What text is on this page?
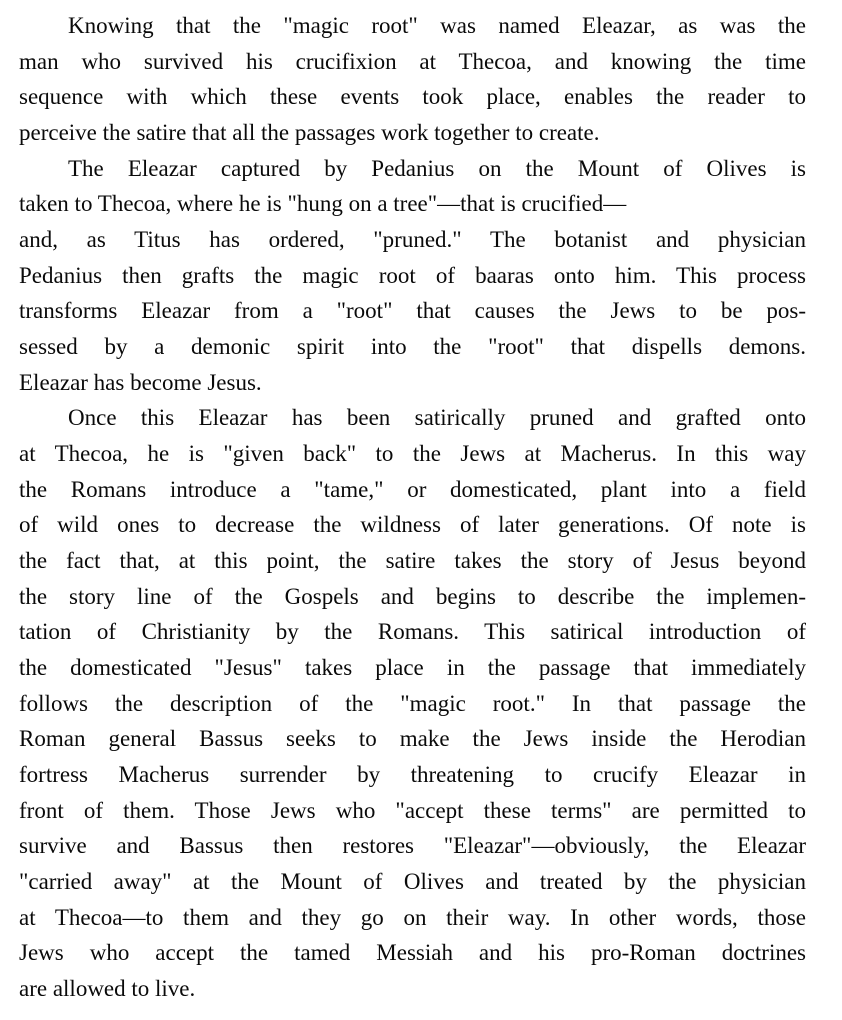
Knowing that the "magic root" was named Eleazar, as was the
man who survived his crucifixion at Thecoa, and knowing the time
sequence with which these events took place, enables the reader to
perceive the satire that all the passages work together to create.
The Eleazar captured by Pedanius on the Mount of Olives is
taken to Thecoa, where he is "hung on a tree"—that is crucified—
and, as Titus has ordered, "pruned." The botanist and physician
Pedanius then grafts the magic root of baaras onto him. This process
transforms Eleazar from a "root" that causes the Jews to be pos-
sessed by a demonic spirit into the "root" that dispells demons.
Eleazar has become Jesus.
Once this Eleazar has been satirically pruned and grafted onto
at Thecoa, he is "given back" to the Jews at Macherus. In this way
the Romans introduce a "tame," or domesticated, plant into a field
of wild ones to decrease the wildness of later generations. Of note is
the fact that, at this point, the satire takes the story of Jesus beyond
the story line of the Gospels and begins to describe the implemen-
tation of Christianity by the Romans. This satirical introduction of
the domesticated "Jesus" takes place in the passage that immediately
follows the description of the "magic root." In that passage the
Roman general Bassus seeks to make the Jews inside the Herodian
fortress Macherus surrender by threatening to crucify Eleazar in
front of them. Those Jews who "accept these terms" are permitted to
survive and Bassus then restores "Eleazar"—obviously, the Eleazar
"carried away" at the Mount of Olives and treated by the physician
at Thecoa—to them and they go on their way. In other words, those
Jews who accept the tamed Messiah and his pro-Roman doctrines
are allowed to live.
